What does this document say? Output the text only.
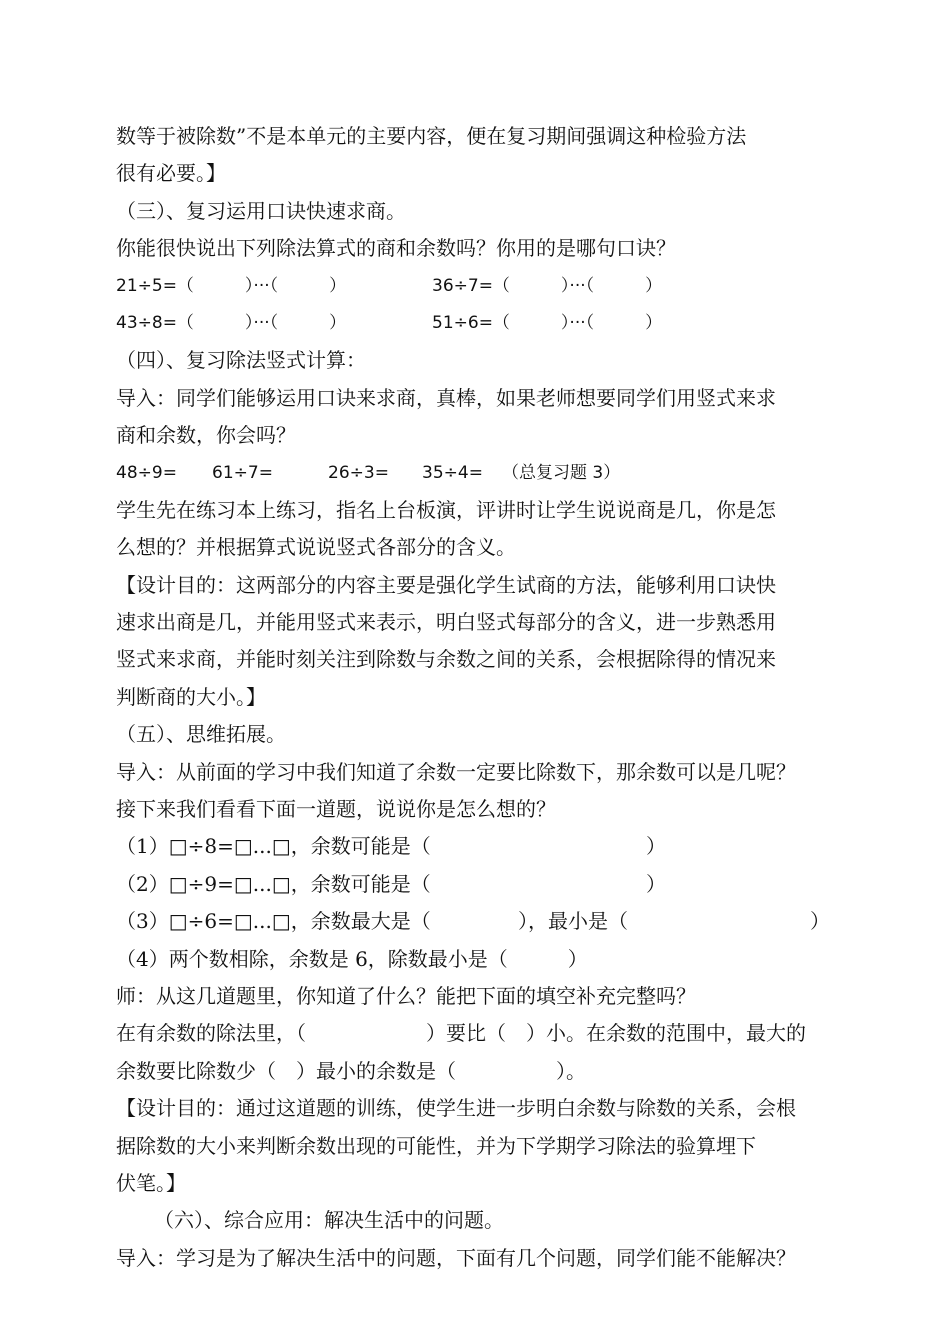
数等于被除数”不是本单元的主要内容，便在复习期间强调这种检验方法
很有必要。】
（三）、复习运用口诀快速求商。
你能很快说出下列除法算式的商和余数吗？你用的是哪句口诀？
21÷5=（　　　）···（　　　）	36÷7=（　　　）···（　　　）
43÷8=（　　　）···（　　　）	51÷6=（　　　）···（　　　）
（四）、复习除法竖式计算：
导入：同学们能够运用口诀来求商，真棒，如果老师想要同学们用竖式来求
商和余数，你会吗？
48÷9= 61÷7=	26÷3= 35÷4= （总复习题 3）
学生先在练习本上练习，指名上台板演，评讲时让学生说说商是几，你是怎
么想的？并根据算式说说竖式各部分的含义。
【设计目的：这两部分的内容主要是强化学生试商的方法，能够利用口诀快
速求出商是几，并能用竖式来表示，明白竖式每部分的含义，进一步熟悉用
竖式来求商，并能时刻关注到除数与余数之间的关系，会根据除得的情况来
判断商的大小。】
（五）、思维拓展。
导入：从前面的学习中我们知道了余数一定要比除数下，那余数可以是几呢？
接下来我们看看下面一道题，说说你是怎么想的？
（1）□÷8=□...□，余数可能是（	）
（2）□÷9=□...□，余数可能是（	）
（3）□÷6=□...□，余数最大是（	），最小是（	）
（4）两个数相除，余数是 6，除数最小是（　　　）
师：从这几道题里，你知道了什么？能把下面的填空补充完整吗？
在有余数的除法里，（　　　　　　）要比（　）小。在余数的范围中，最大的
余数要比除数少（　）最小的余数是（　　　　　）。
【设计目的：通过这道题的训练，使学生进一步明白余数与除数的关系，会根
据除数的大小来判断余数出现的可能性，并为下学期学习除法的验算埋下
伏笔。】
（六）、综合应用：解决生活中的问题。
导入：学习是为了解决生活中的问题，下面有几个问题，同学们能不能解决？
